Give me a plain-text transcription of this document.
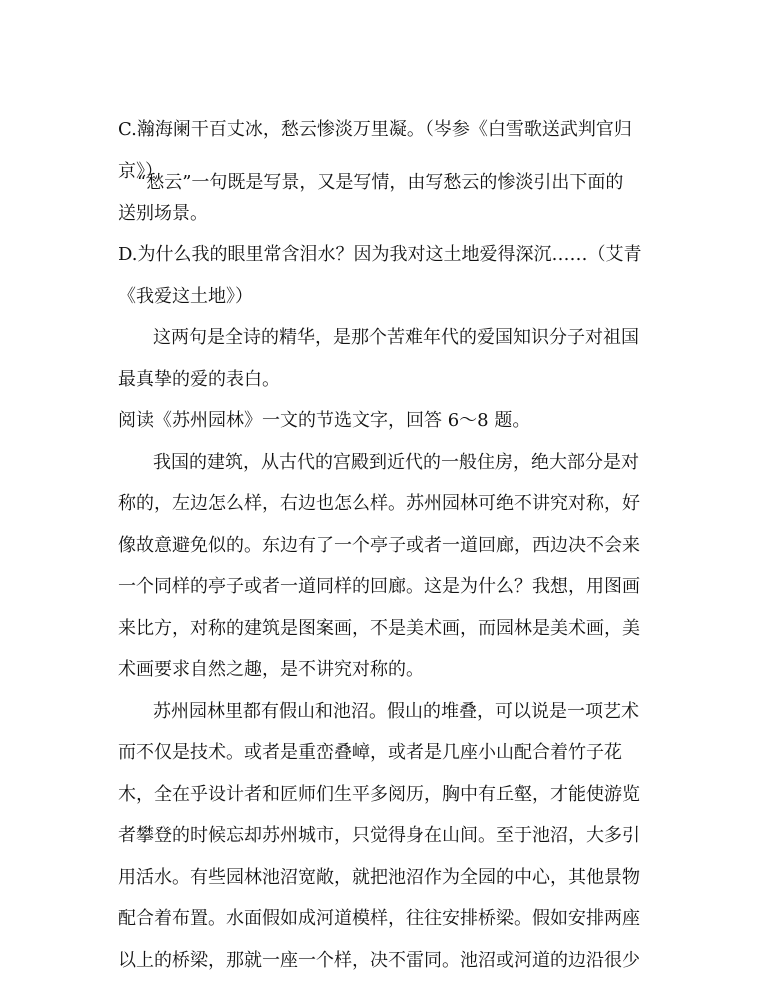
C.瀚海阑干百丈冰，愁云惨淡万里凝。（岑参《白雪歌送武判官归
京》）
“愁云”一句既是写景，又是写情，由写愁云的惨淡引出下面的
送别场景。
D.为什么我的眼里常含泪水？因为我对这土地爱得深沉……（艾青
《我爱这土地》）
这两句是全诗的精华，是那个苦难年代的爱国知识分子对祖国
最真挚的爱的表白。
阅读《苏州园林》一文的节选文字，回答 6～8 题。
我国的建筑，从古代的宫殿到近代的一般住房，绝大部分是对
称的，左边怎么样，右边也怎么样。苏州园林可绝不讲究对称，好
像故意避免似的。东边有了一个亭子或者一道回廊，西边决不会来
一个同样的亭子或者一道同样的回廊。这是为什么？我想，用图画
来比方，对称的建筑是图案画，不是美术画，而园林是美术画，美
术画要求自然之趣，是不讲究对称的。
苏州园林里都有假山和池沼。假山的堆叠，可以说是一项艺术
而不仅是技术。或者是重峦叠嶂，或者是几座小山配合着竹子花
木，全在乎设计者和匠师们生平多阅历，胸中有丘壑，才能使游览
者攀登的时候忘却苏州城市，只觉得身在山间。至于池沼，大多引
用活水。有些园林池沼宽敞，就把池沼作为全园的中心，其他景物
配合着布置。水面假如成河道模样，往往安排桥梁。假如安排两座
以上的桥梁，那就一座一个样，决不雷同。池沼或河道的边沿很少
